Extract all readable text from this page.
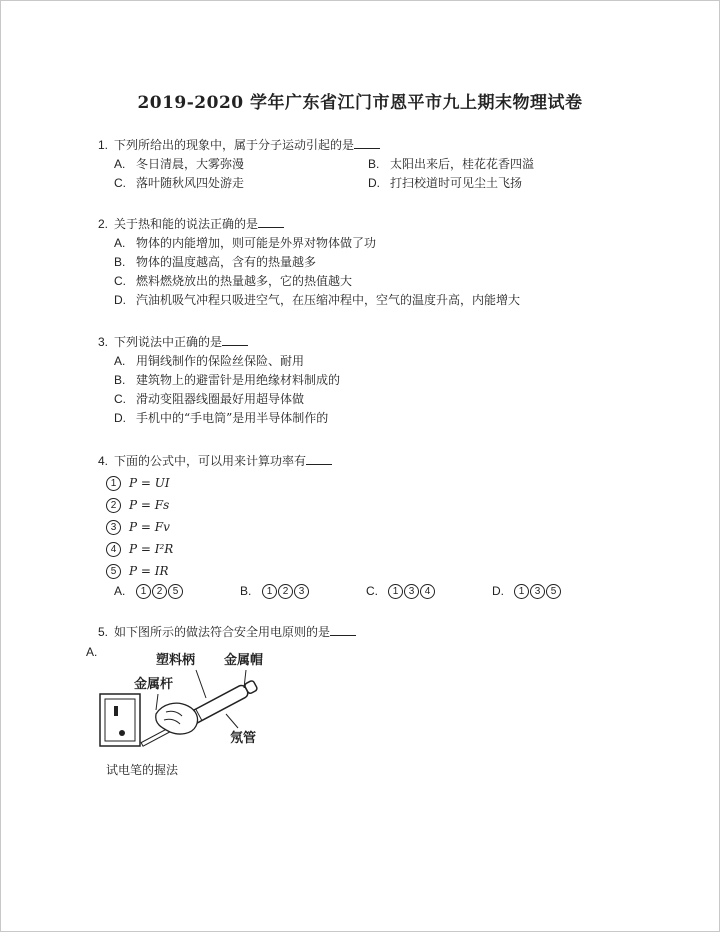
2019-2020 学年广东省江门市恩平市九上期末物理试卷
1. 下列所给出的现象中，属于分子运动引起的是
A. 冬日清晨，大雾弥漫	B. 太阳出来后，桂花花香四溢
C. 落叶随秋风四处游走	D. 打扫校道时可见尘土飞扬
2. 关于热和能的说法正确的是
A. 物体的内能增加，则可能是外界对物体做了功
B. 物体的温度越高，含有的热量越多
C. 燃料燃烧放出的热量越多，它的热值越大
D. 汽油机吸气冲程只吸进空气，在压缩冲程中，空气的温度升高，内能增大
3. 下列说法中正确的是
A. 用铜线制作的保险丝保险、耐用
B. 建筑物上的避雷针是用绝缘材料制成的
C. 滑动变阻器线圈最好用超导体做
D. 手机中的“手电筒”是用半导体制作的
4. 下面的公式中，可以用来计算功率有
1 P = UI
2 P = Fs
3 P = Fv
4 P = I²R
5 P = IR
A. 1 2 5	B. 1 2 3	C. 1 3 4	D. 1 3 5
5. 如下图所示的做法符合安全用电原则的是
A.
塑料柄 金属帽
金属杆
氖管
试电笔的握法
